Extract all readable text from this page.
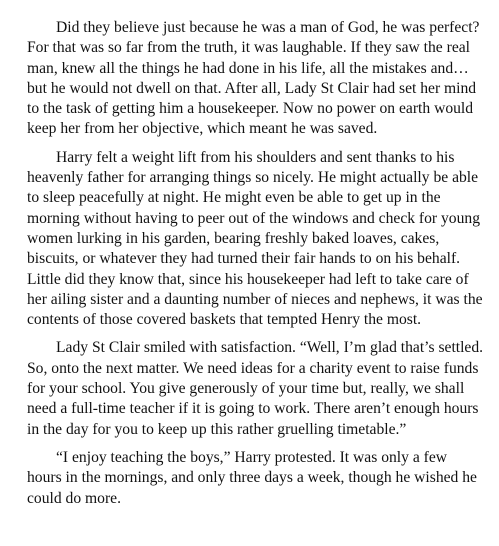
Did they believe just because he was a man of God, he was perfect? For that was so far from the truth, it was laughable. If they saw the real man, knew all the things he had done in his life, all the mistakes and… but he would not dwell on that. After all, Lady St Clair had set her mind to the task of getting him a housekeeper. Now no power on earth would keep her from her objective, which meant he was saved.

Harry felt a weight lift from his shoulders and sent thanks to his heavenly father for arranging things so nicely. He might actually be able to sleep peacefully at night. He might even be able to get up in the morning without having to peer out of the windows and check for young women lurking in his garden, bearing freshly baked loaves, cakes, biscuits, or whatever they had turned their fair hands to on his behalf. Little did they know that, since his housekeeper had left to take care of her ailing sister and a daunting number of nieces and nephews, it was the contents of those covered baskets that tempted Henry the most.

Lady St Clair smiled with satisfaction. “Well, I’m glad that’s settled. So, onto the next matter. We need ideas for a charity event to raise funds for your school. You give generously of your time but, really, we shall need a full-time teacher if it is going to work. There aren’t enough hours in the day for you to keep up this rather gruelling timetable.”

“I enjoy teaching the boys,” Harry protested. It was only a few hours in the mornings, and only three days a week, though he wished he could do more.
